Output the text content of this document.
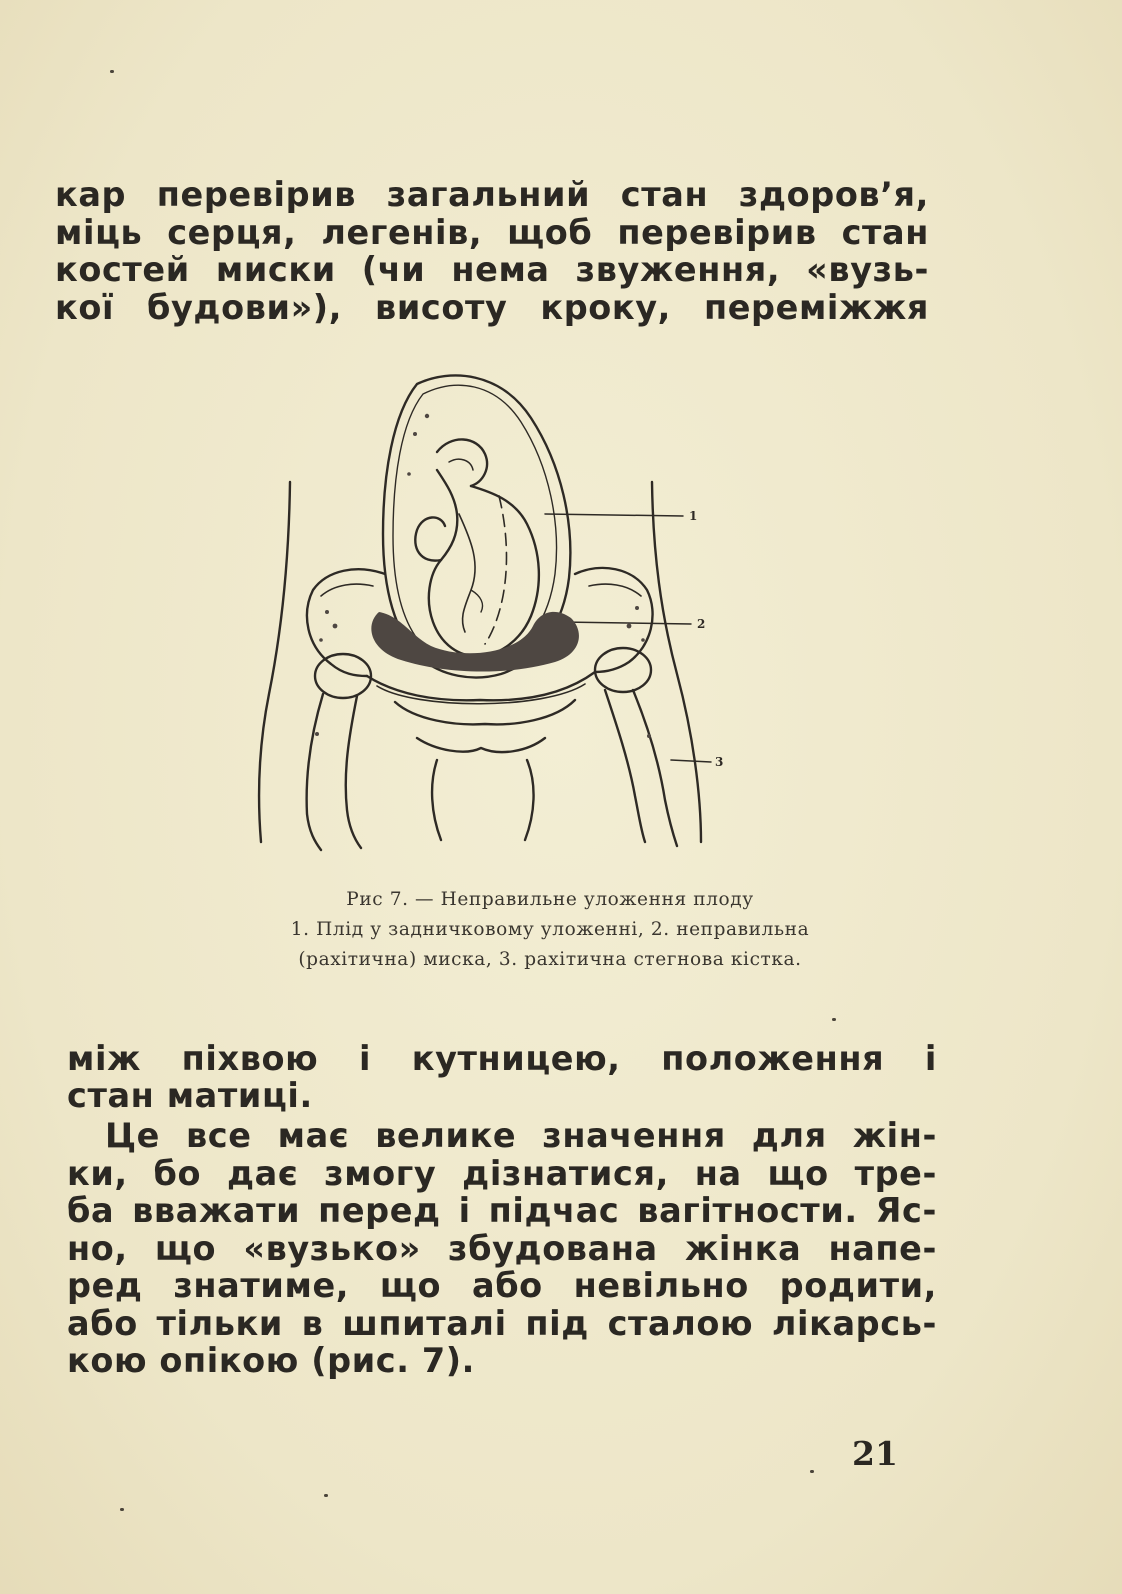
кар перевірив загальний стан здоров’я,
міць серця, легенів, щоб перевірив стан
костей миски (чи нема звуження, «вузь-
кої будови»), висоту кроку, переміжжя
1
2
3
Рис 7. — Неправильне уложення плоду
1. Плід у задничковому уложенні, 2. неправильна
(рахітична) миска, 3. рахітична стегнова кістка.
між піхвою і кутницею, положення і
стан матиці.
Це все має велике значення для жін-
ки, бо дає змогу дізнатися, на що тре-
ба вважати перед і підчас вагітности. Яс-
но, що «вузько» збудована жінка напе-
ред знатиме, що або невільно родити,
або тільки в шпиталі під сталою лікарсь-
кою опікою (рис. 7).
21
